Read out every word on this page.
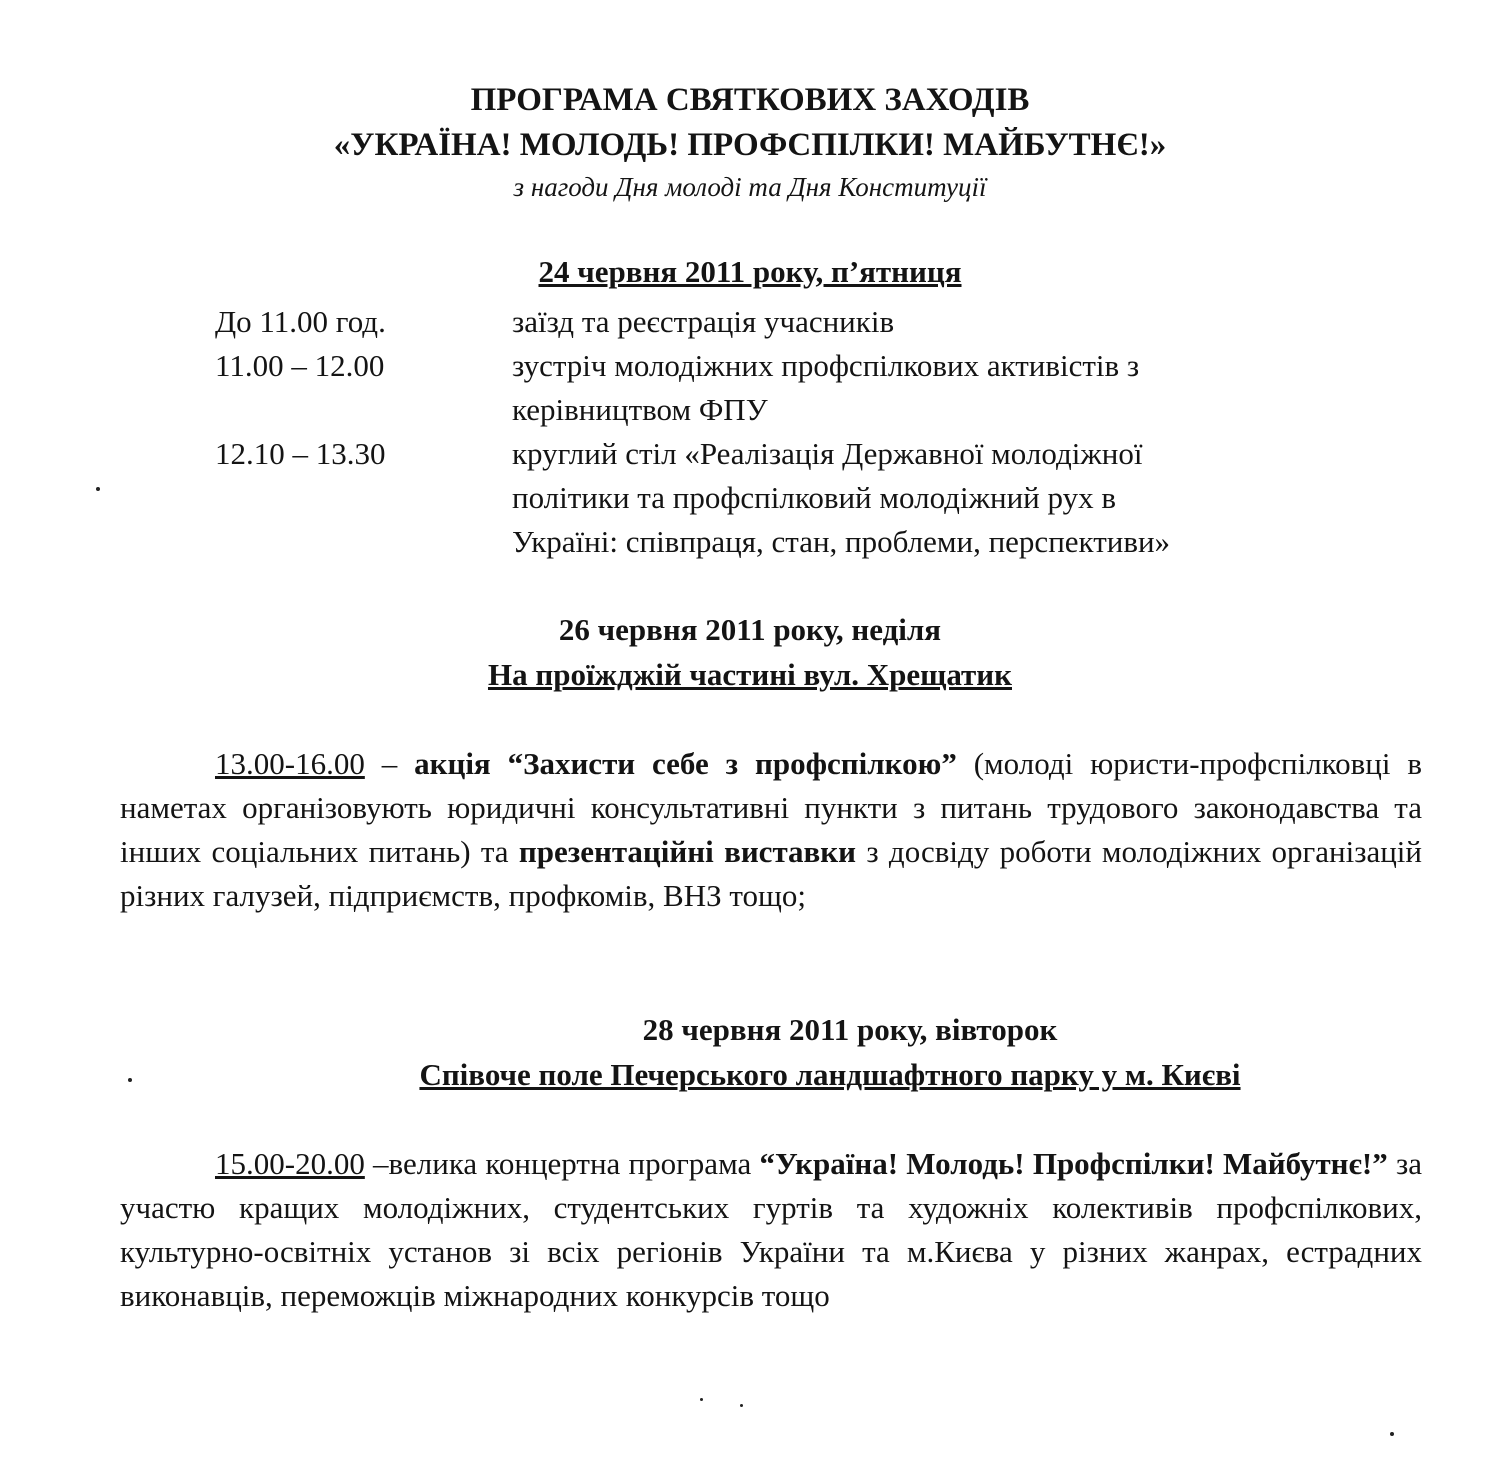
ПРОГРАМА СВЯТКОВИХ ЗАХОДІВ
«УКРАЇНА! МОЛОДЬ! ПРОФСПІЛКИ! МАЙБУТНЄ!»
з нагоди Дня молоді та Дня Конституції
24 червня 2011 року, п’ятниця
До 11.00 год.	заїзд та реєстрація учасників
11.00 – 12.00	зустріч молодіжних профспілкових активістів з
керівництвом ФПУ
12.10 – 13.30	круглий стіл «Реалізація Державної молодіжної
політики та профспілковий молодіжний рух в
Україні: співпраця, стан, проблеми, перспективи»
26 червня 2011 року, неділя
На проїжджій частині вул. Хрещатик
13.00-16.00 – акція “Захисти себе з профспілкою” (молоді юристи-профспілковці в наметах організовують юридичні консультативні пункти з питань трудового законодавства та інших соціальних питань) та презентаційні виставки з досвіду роботи молодіжних організацій різних галузей, підприємств, профкомів, ВНЗ тощо;
28 червня 2011 року, вівторок
Співоче поле Печерського ландшафтного парку у м. Києві
15.00-20.00 –велика концертна програма “Україна! Молодь! Профспілки! Майбутнє!” за участю кращих молодіжних, студентських гуртів та художніх колективів профспілкових, культурно-освітніх установ зі всіх регіонів України та м.Києва у різних жанрах, естрадних виконавців, переможців міжнародних конкурсів тощо
